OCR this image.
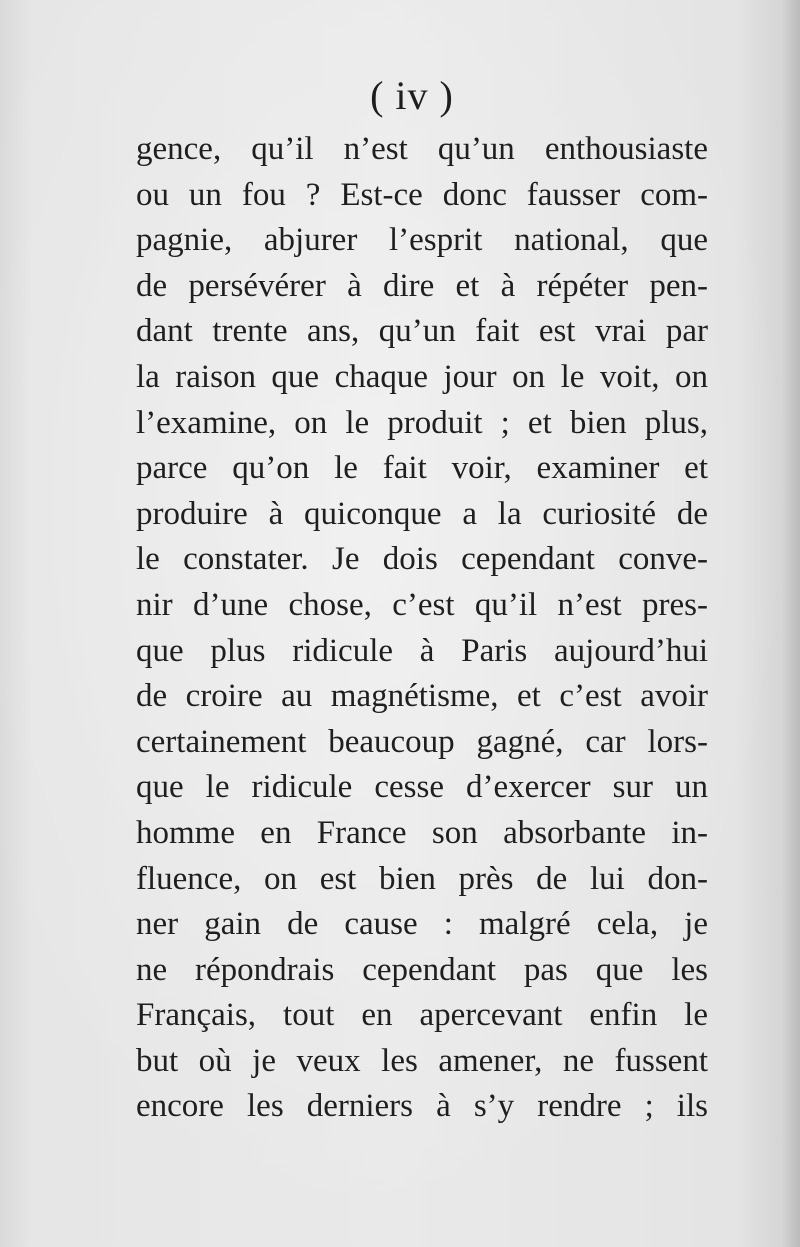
( iv )
gence, qu’il n’est qu’un enthousiaste
ou un fou ? Est-ce donc fausser com-
pagnie, abjurer l’esprit national, que
de persévérer à dire et à répéter pen-
dant trente ans, qu’un fait est vrai par
la raison que chaque jour on le voit, on
l’examine, on le produit ; et bien plus,
parce qu’on le fait voir, examiner et
produire à quiconque a la curiosité de
le constater. Je dois cependant conve-
nir d’une chose, c’est qu’il n’est pres-
que plus ridicule à Paris aujourd’hui
de croire au magnétisme, et c’est avoir
certainement beaucoup gagné, car lors-
que le ridicule cesse d’exercer sur un
homme en France son absorbante in-
fluence, on est bien près de lui don-
ner gain de cause : malgré cela, je
ne répondrais cependant pas que les
Français, tout en apercevant enfin le
but où je veux les amener, ne fussent
encore les derniers à s’y rendre ; ils
